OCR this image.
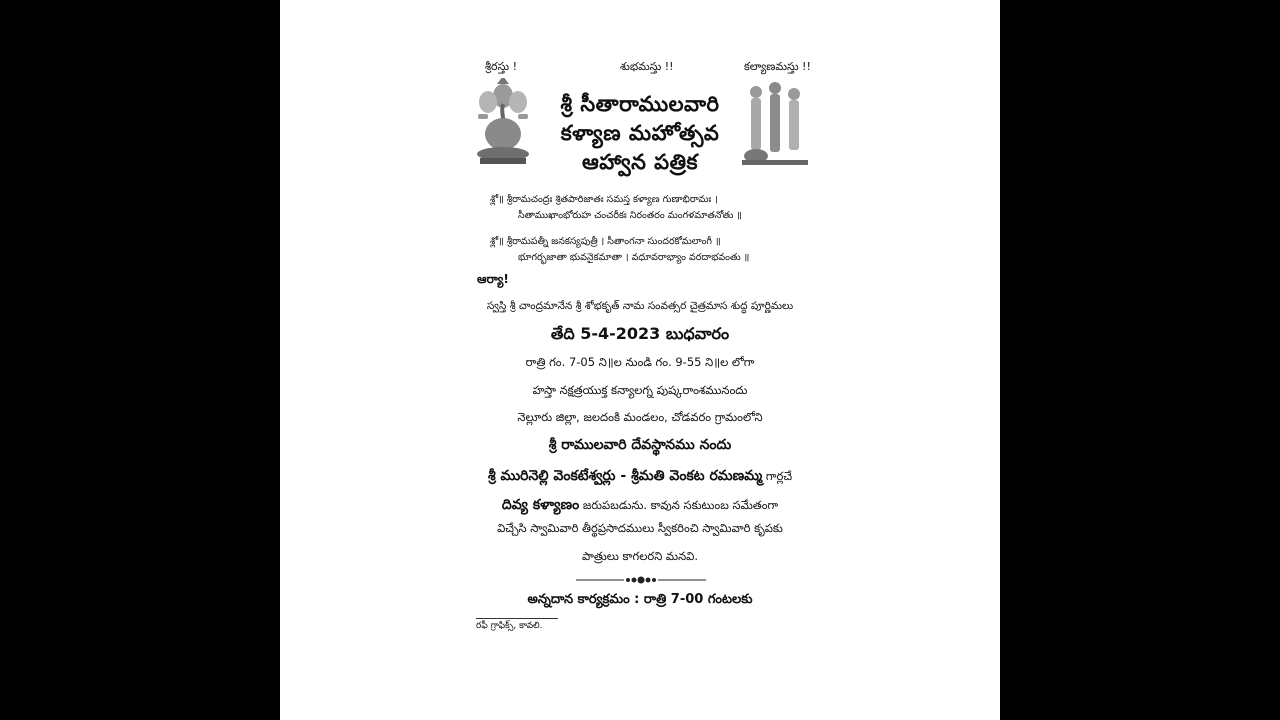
శ్రీరస్తు !	శుభమస్తు !!	కల్యాణమస్తు !!
శ్రీ సీతారాములవారి
కళ్యాణ మహోత్సవ
ఆహ్వాన పత్రిక
శ్లో॥ శ్రీరామచంద్రః శ్రితపారిజాతః సమస్త కళ్యాణ గుణాభిరామః ।
సీతాముఖాంభోరుహ చంచరీకః నిరంతరం మంగళమాతనోతు ॥
శ్లో॥ శ్రీరామపత్నీ జనకస్యపుత్రీ । సీతాంగనా సుందరకోమలాంగీ ॥
భూగర్భజాతా భువనైకమాతా । వధూవరాభ్యాం వరదాభవంతు ॥
ఆర్యా!
స్వస్తి శ్రీ చాంద్రమానేన శ్రీ శోభకృత్ నామ సంవత్సర చైత్రమాస శుద్ధ పూర్ణిమలు
తేది 5-4-2023 బుధవారం
రాత్రి గం. 7-05 ని॥ల నుండి గం. 9-55 ని॥ల లోగా
హస్తా నక్షత్రయుక్త కన్యాలగ్న పుష్కరాంశమునందు
నెల్లూరు జిల్లా, జలదంకి మండలం, చోడవరం గ్రామంలోని
శ్రీ రాములవారి దేవస్థానము నందు
శ్రీ మురినెల్లి వెంకటేశ్వర్లు - శ్రీమతి వెంకట రమణమ్మ గార్లచే
దివ్య కళ్యాణం జరుపబడును. కావున సకుటుంబ సమేతంగా
విచ్చేసి స్వామివారి తీర్థప్రసాదములు స్వీకరించి స్వామివారి కృపకు
పాత్రులు కాగలరని మనవి.
అన్నదాన కార్యక్రమం : రాత్రి 7-00 గంటలకు
రఫీ గ్రాఫిక్స్, కావలి.
